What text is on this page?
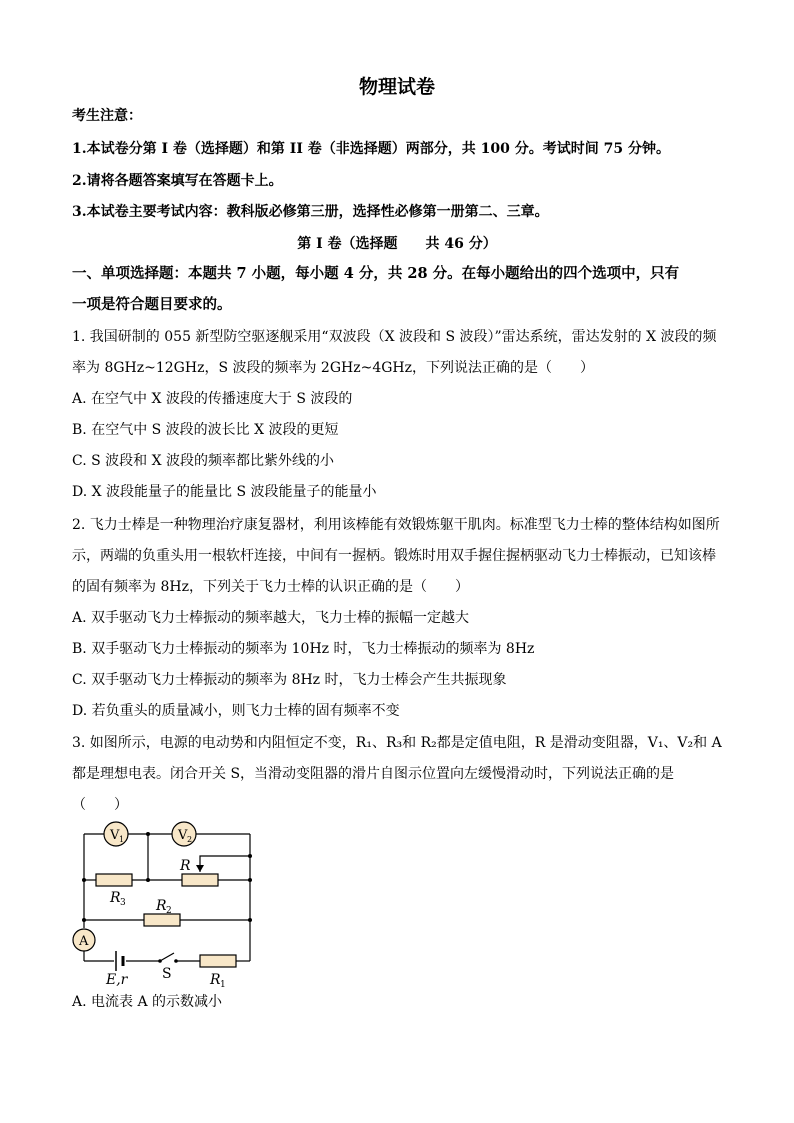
物理试卷
考生注意：
1.本试卷分第 I 卷（选择题）和第 II 卷（非选择题）两部分，共 100 分。考试时间 75 分钟。
2.请将各题答案填写在答题卡上。
3.本试卷主要考试内容：教科版必修第三册，选择性必修第一册第二、三章。
第 I 卷（选择题　　共 46 分）
一、单项选择题：本题共 7 小题，每小题 4 分，共 28 分。在每小题给出的四个选项中，只有
一项是符合题目要求的。
1. 我国研制的 055 新型防空驱逐舰采用“双波段（X 波段和 S 波段）”雷达系统，雷达发射的 X 波段的频
率为 8GHz~12GHz，S 波段的频率为 2GHz~4GHz，下列说法正确的是（　　）
A. 在空气中 X 波段的传播速度大于 S 波段的
B. 在空气中 S 波段的波长比 X 波段的更短
C. S 波段和 X 波段的频率都比紫外线的小
D. X 波段能量子的能量比 S 波段能量子的能量小
2. 飞力士棒是一种物理治疗康复器材，利用该棒能有效锻炼躯干肌肉。标准型飞力士棒的整体结构如图所
示，两端的负重头用一根软杆连接，中间有一握柄。锻炼时用双手握住握柄驱动飞力士棒振动，已知该棒
的固有频率为 8Hz，下列关于飞力士棒的认识正确的是（　　）
A. 双手驱动飞力士棒振动的频率越大，飞力士棒的振幅一定越大
B. 双手驱动飞力士棒振动的频率为 10Hz 时，飞力士棒振动的频率为 8Hz
C. 双手驱动飞力士棒振动的频率为 8Hz 时，飞力士棒会产生共振现象
D. 若负重头的质量减小，则飞力士棒的固有频率不变
3. 如图所示，电源的电动势和内阻恒定不变，R₁、R₃和 R₂都是定值电阻，R 是滑动变阻器，V₁、V₂和 A
都是理想电表。闭合开关 S，当滑动变阻器的滑片自图示位置向左缓慢滑动时，下列说法正确的是
（　　）
V 1	V 2
A
R
R 3 R 2
E,r S	R 1
A. 电流表 A 的示数减小
